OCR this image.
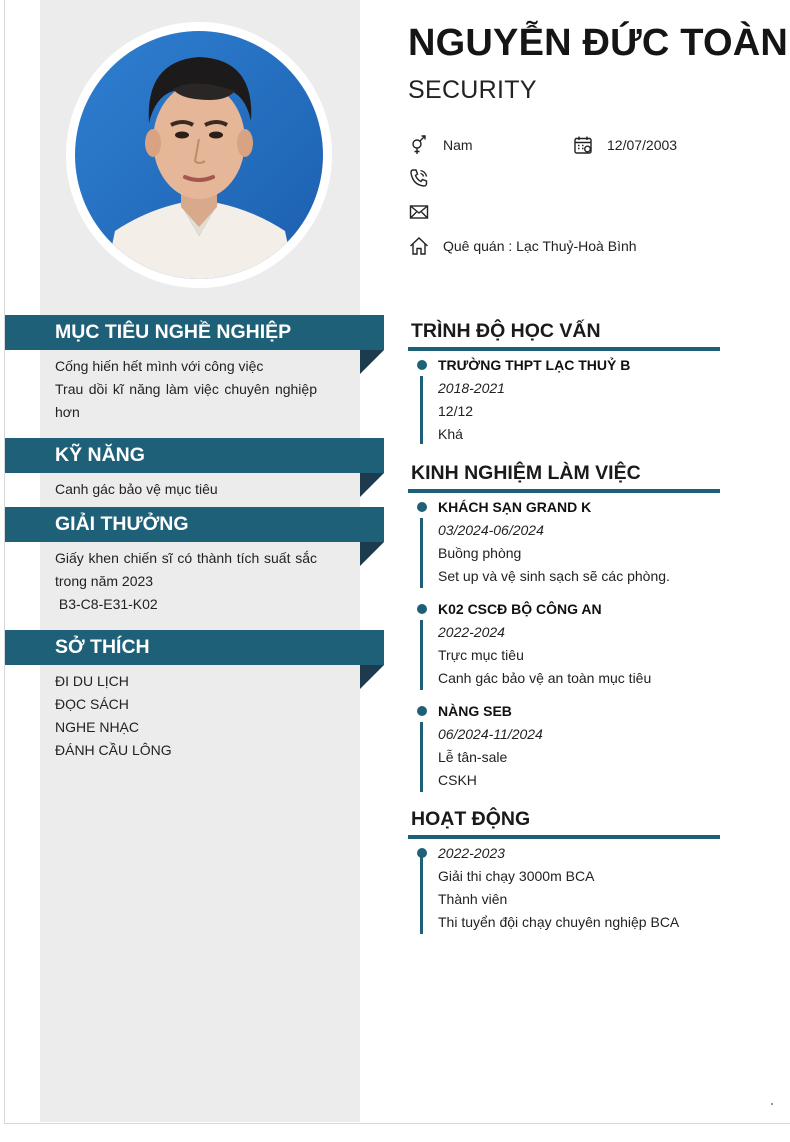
NGUYỄN ĐỨC TOÀN
SECURITY
Nam	12/07/2003
Quê quán : Lạc Thuỷ-Hoà Bình
MỤC TIÊU NGHỀ NGHIỆP
Cống hiến hết mình với công việc
Trau dồi kĩ năng làm việc chuyên nghiệp hơn
KỸ NĂNG
Canh gác bảo vệ mục tiêu
GIẢI THƯỞNG
Giấy khen chiến sĩ có thành tích suất sắc trong năm 2023
B3-C8-E31-K02
SỞ THÍCH
ĐI DU LỊCH
ĐỌC SÁCH
NGHE NHẠC
ĐÁNH CẦU LÔNG
TRÌNH ĐỘ HỌC VẤN
TRƯỜNG THPT LẠC THUỶ B
2018-2021
12/12
Khá
KINH NGHIỆM LÀM VIỆC
KHÁCH SẠN GRAND K
03/2024-06/2024
Buồng phòng
Set up và vệ sinh sạch sẽ các phòng.
K02 CSCĐ BỘ CÔNG AN
2022-2024
Trực mục tiêu
Canh gác bảo vệ an toàn mục tiêu
NÀNG SEB
06/2024-11/2024
Lễ tân-sale
CSKH
HOẠT ĐỘNG
2022-2023
Giải thi chạy 3000m BCA
Thành viên
Thi tuyển đội chạy chuyên nghiệp BCA
